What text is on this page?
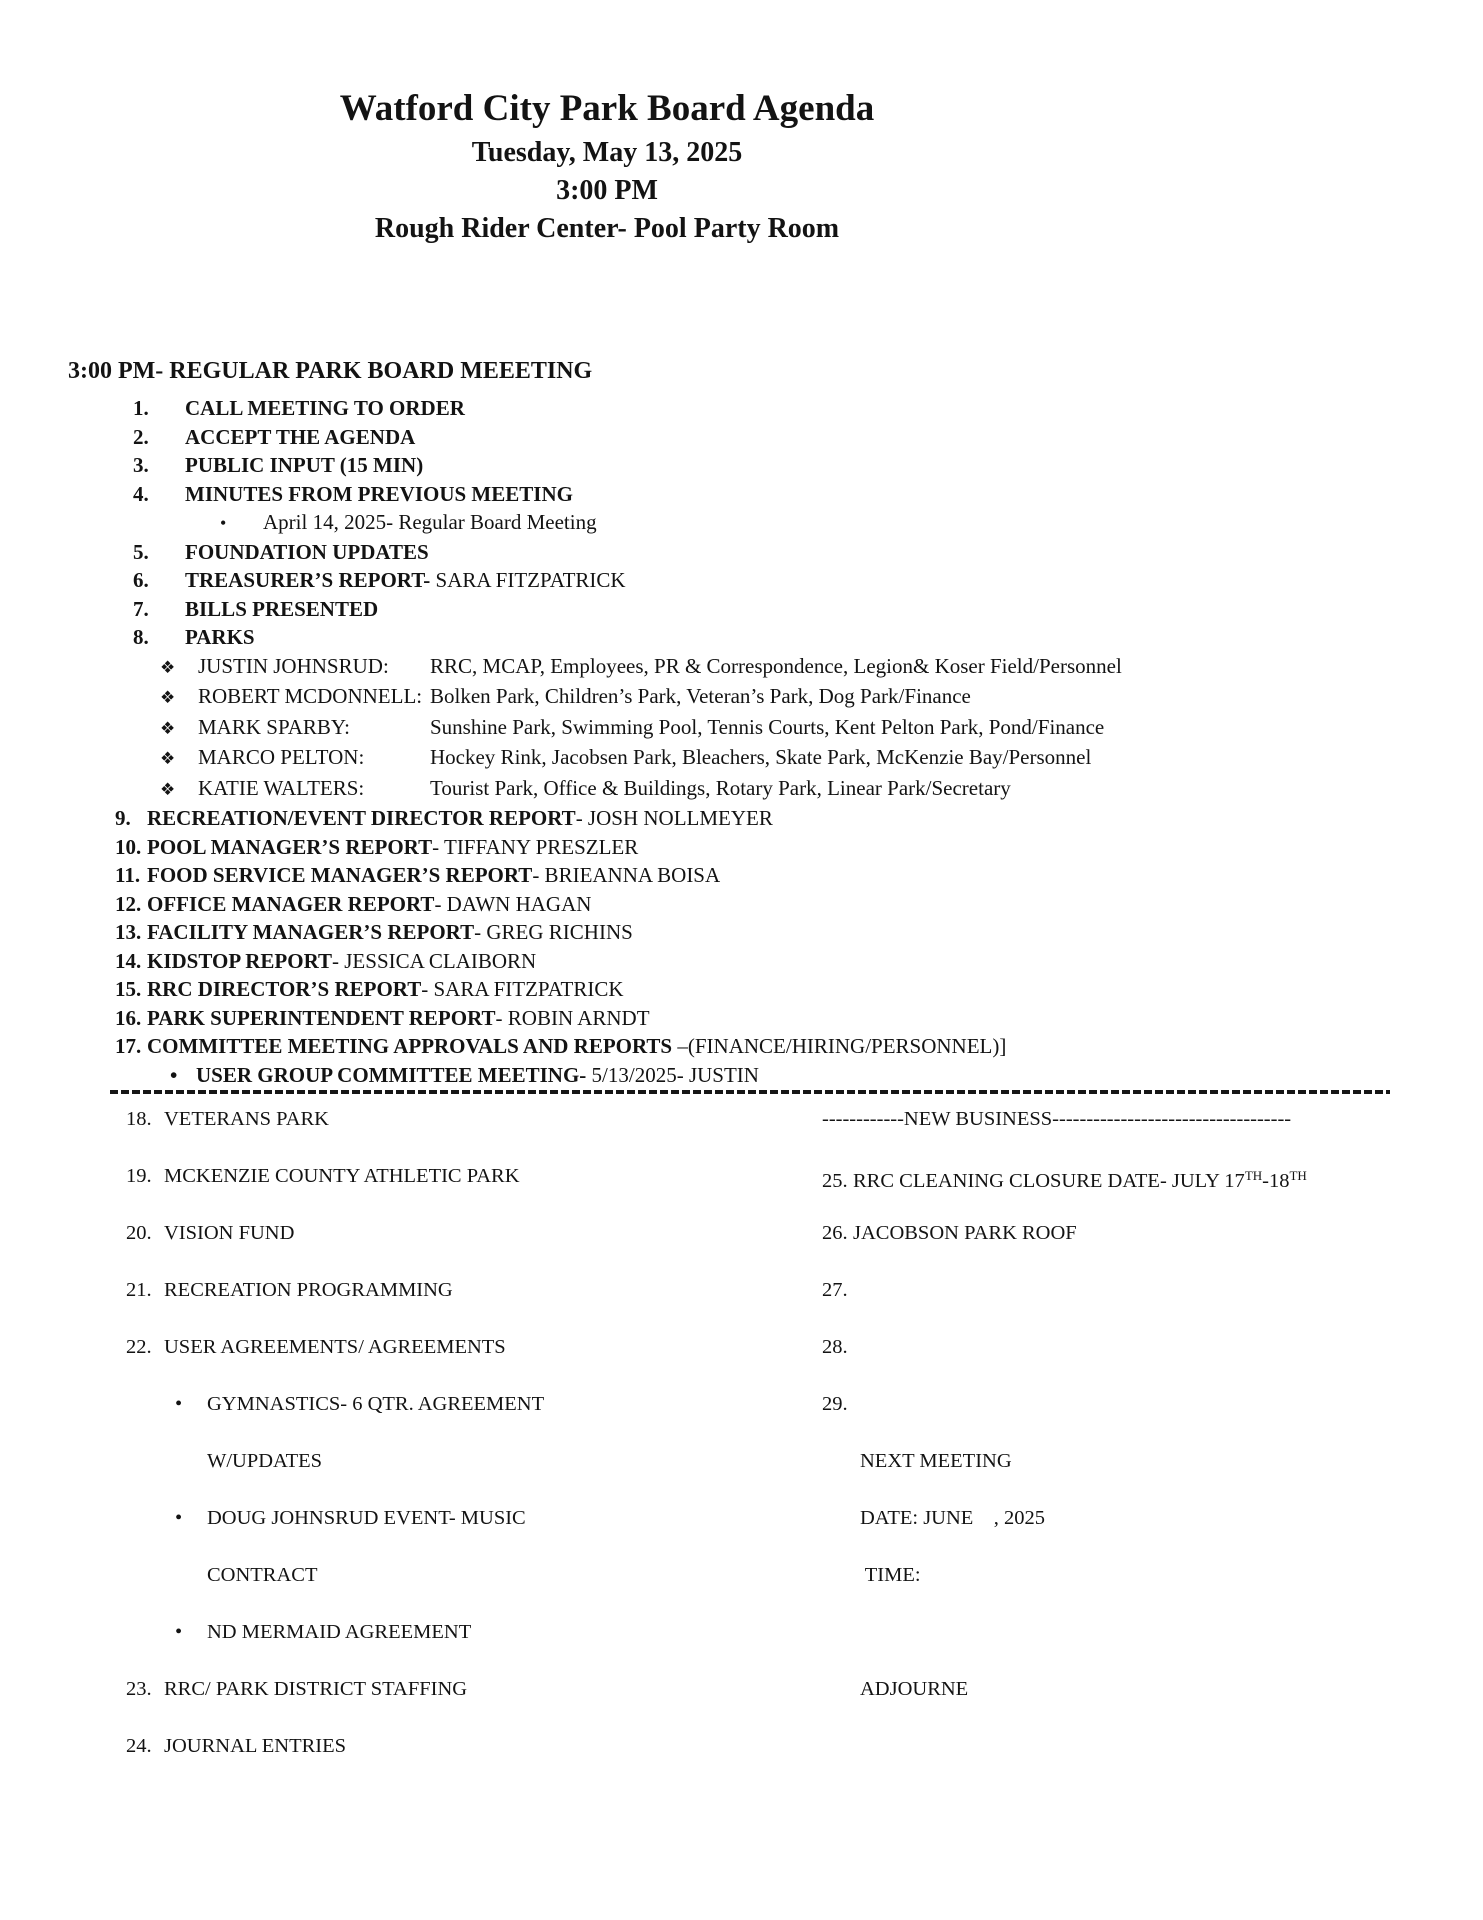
Watford City Park Board Agenda
Tuesday, May 13, 2025
3:00 PM
Rough Rider Center- Pool Party Room
3:00 PM- REGULAR PARK BOARD MEEETING
1. CALL MEETING TO ORDER
2. ACCEPT THE AGENDA
3. PUBLIC INPUT (15 MIN)
4. MINUTES FROM PREVIOUS MEETING
• April 14, 2025- Regular Board Meeting
5. FOUNDATION UPDATES
6. TREASURER’S REPORT- SARA FITZPATRICK
7. BILLS PRESENTED
8. PARKS
❖ JUSTIN JOHNSRUD: RRC, MCAP, Employees, PR & Correspondence, Legion& Koser Field/Personnel
❖ ROBERT MCDONNELL: Bolken Park, Children’s Park, Veteran’s Park, Dog Park/Finance
❖ MARK SPARBY:	Sunshine Park, Swimming Pool, Tennis Courts, Kent Pelton Park, Pond/Finance
❖ MARCO PELTON:	Hockey Rink, Jacobsen Park, Bleachers, Skate Park, McKenzie Bay/Personnel
❖ KATIE WALTERS:	Tourist Park, Office & Buildings, Rotary Park, Linear Park/Secretary
9. RECREATION/EVENT DIRECTOR REPORT- JOSH NOLLMEYER
10. POOL MANAGER’S REPORT- TIFFANY PRESZLER
11. FOOD SERVICE MANAGER’S REPORT- BRIEANNA BOISA
12. OFFICE MANAGER REPORT- DAWN HAGAN
13. FACILITY MANAGER’S REPORT- GREG RICHINS
14. KIDSTOP REPORT- JESSICA CLAIBORN
15. RRC DIRECTOR’S REPORT- SARA FITZPATRICK
16. PARK SUPERINTENDENT REPORT- ROBIN ARNDT
17. COMMITTEE MEETING APPROVALS AND REPORTS –(FINANCE/HIRING/PERSONNEL)]
• USER GROUP COMMITTEE MEETING- 5/13/2025- JUSTIN
18. VETERANS PARK	------------NEW BUSINESS-----------------------------------
19. MCKENZIE COUNTY ATHLETIC PARK	25. RRC CLEANING CLOSURE DATE- JULY 17TH-18TH
20. VISION FUND	26. JACOBSON PARK ROOF
21. RECREATION PROGRAMMING	27.
22. USER AGREEMENTS/ AGREEMENTS	28.
• GYMNASTICS- 6 QTR. AGREEMENT	29.
W/UPDATES	NEXT MEETING
• DOUG JOHNSRUD EVENT- MUSIC	DATE: JUNE    , 2025
CONTRACT	TIME:
• ND MERMAID AGREEMENT
23. RRC/ PARK DISTRICT STAFFING	ADJOURNE
24. JOURNAL ENTRIES
